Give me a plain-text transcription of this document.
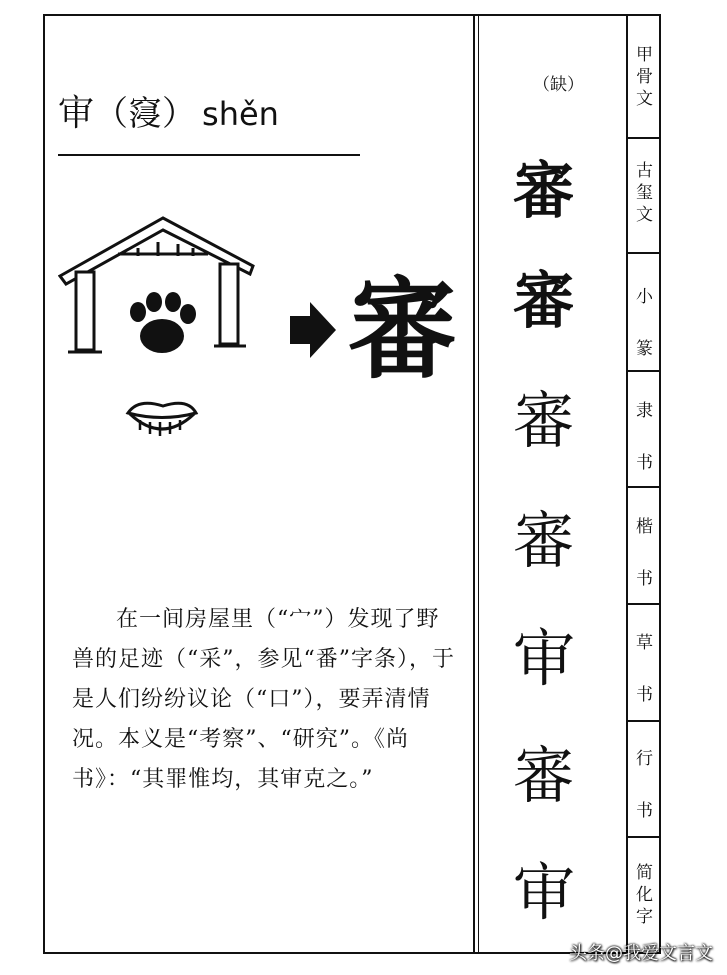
审（䆮） shěn
審
在一间房屋里（“宀”）发现了野兽的足迹（“采”，参见“番”字条），于是人们纷纷议论（“口”），要弄清情况。本义是“考察”、“研究”。《尚书》：“其罪惟均，其审克之。”
（缺）
審
審
審
審
审
審
审
甲
骨
文
古
玺
文
小
篆
隶
书
楷
书
草
书
行
书
简
化
字
头条@我爱文言文
